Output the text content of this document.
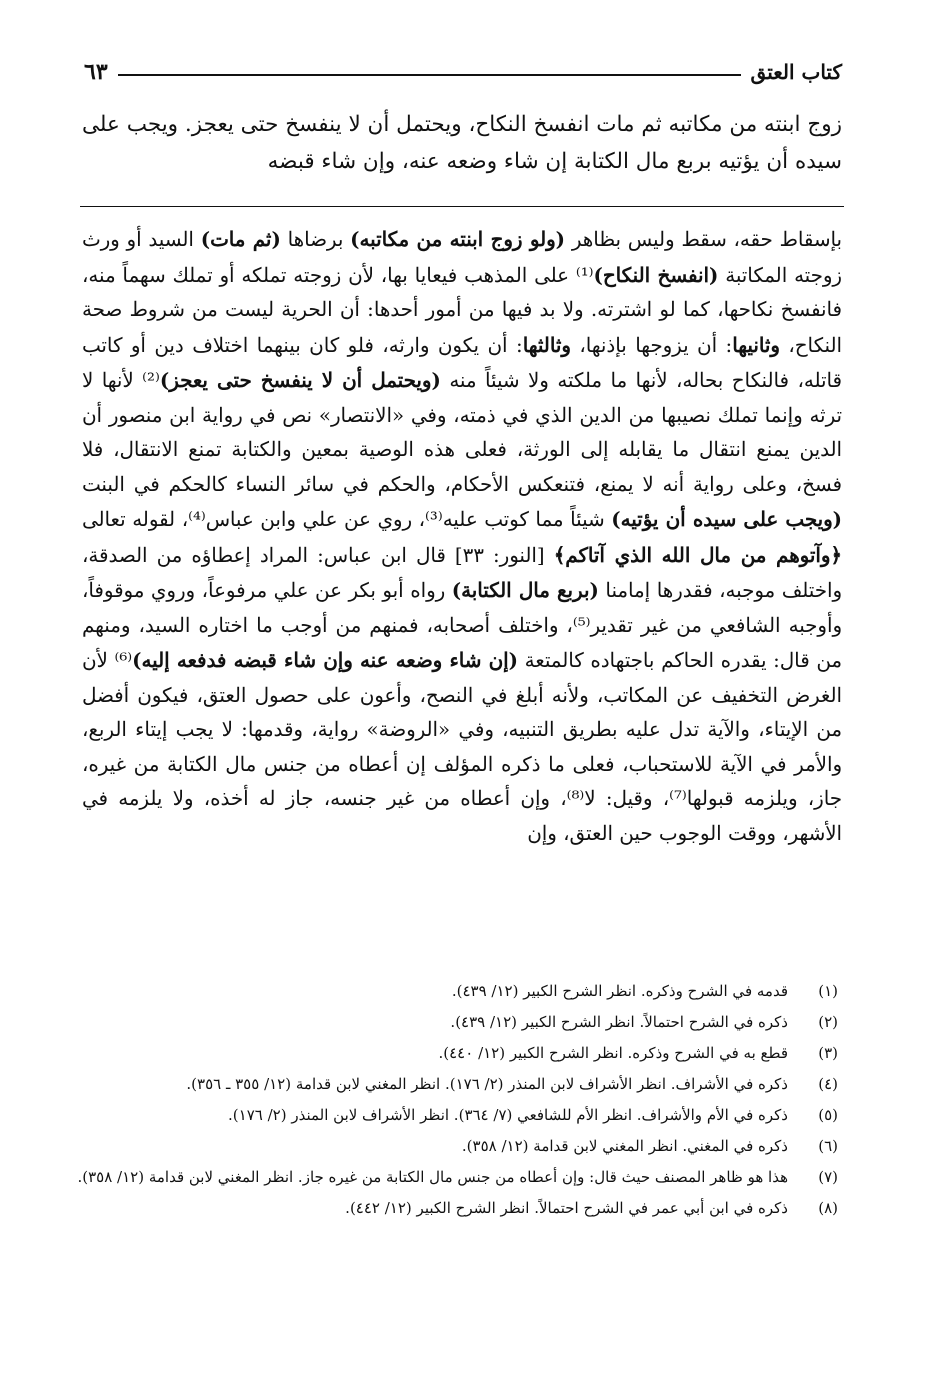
كتاب العتق
٦٣
زوج ابنته من مكاتبه ثم مات انفسخ النكاح، ويحتمل أن لا ينفسخ حتى يعجز. ويجب على سيده أن يؤتيه بربع مال الكتابة إن شاء وضعه عنه، وإن شاء قبضه
بإسقاط حقه، سقط وليس بظاهر (ولو زوج ابنته من مكاتبه) برضاها (ثم مات) السيد أو ورث زوجته المكاتبة (انفسخ النكاح)⁽¹⁾ على المذهب فيعايا بها، لأن زوجته تملكه أو تملك سهماً منه، فانفسخ نكاحها، كما لو اشترته. ولا بد فيها من أمور أحدها: أن الحرية ليست من شروط صحة النكاح، وثانيها: أن يزوجها بإذنها، وثالثها: أن يكون وارثه، فلو كان بينهما اختلاف دين أو كاتب قاتله، فالنكاح بحاله، لأنها ما ملكته ولا شيئاً منه (ويحتمل أن لا ينفسخ حتى يعجز)⁽²⁾ لأنها لا ترثه وإنما تملك نصيبها من الدين الذي في ذمته، وفي «الانتصار» نص في رواية ابن منصور أن الدين يمنع انتقال ما يقابله إلى الورثة، فعلى هذه الوصية بمعين والكتابة تمنع الانتقال، فلا فسخ، وعلى رواية أنه لا يمنع، فتنعكس الأحكام، والحكم في سائر النساء كالحكم في البنت (ويجب على سيده أن يؤتيه) شيئاً مما كوتب عليه⁽³⁾، روي عن علي وابن عباس⁽⁴⁾، لقوله تعالى ﴿وآتوهم من مال الله الذي آتاكم﴾ [النور: ٣٣] قال ابن عباس: المراد إعطاؤه من الصدقة، واختلف موجبه، فقدرها إمامنا (بربع مال الكتابة) رواه أبو بكر عن علي مرفوعاً، وروي موقوفاً، وأوجبه الشافعي من غير تقدير⁽⁵⁾، واختلف أصحابه، فمنهم من أوجب ما اختاره السيد، ومنهم من قال: يقدره الحاكم باجتهاده كالمتعة (إن شاء وضعه عنه وإن شاء قبضه فدفعه إليه)⁽⁶⁾ لأن الغرض التخفيف عن المكاتب، ولأنه أبلغ في النصح، وأعون على حصول العتق، فيكون أفضل من الإيتاء، والآية تدل عليه بطريق التنبيه، وفي «الروضة» رواية، وقدمها: لا يجب إيتاء الربع، والأمر في الآية للاستحباب، فعلى ما ذكره المؤلف إن أعطاه من جنس مال الكتابة من غيره، جاز، ويلزمه قبولها⁽⁷⁾، وقيل: لا⁽⁸⁾، وإن أعطاه من غير جنسه، جاز له أخذه، ولا يلزمه في الأشهر، ووقت الوجوب حين العتق، وإن
(١)
قدمه في الشرح وذكره. انظر الشرح الكبير (١٢/ ٤٣٩).
(٢)
ذكره في الشرح احتمالاً. انظر الشرح الكبير (١٢/ ٤٣٩).
(٣)
قطع به في الشرح وذكره. انظر الشرح الكبير (١٢/ ٤٤٠).
(٤)
ذكره في الأشراف. انظر الأشراف لابن المنذر (٢/ ١٧٦). انظر المغني لابن قدامة (١٢/ ٣٥٥ ـ ٣٥٦).
(٥)
ذكره في الأم والأشراف. انظر الأم للشافعي (٧/ ٣٦٤). انظر الأشراف لابن المنذر (٢/ ١٧٦).
(٦)
ذكره في المغني. انظر المغني لابن قدامة (١٢/ ٣٥٨).
(٧)
هذا هو ظاهر المصنف حيث قال: وإن أعطاه من جنس مال الكتابة من غيره جاز. انظر المغني لابن قدامة (١٢/ ٣٥٨).
(٨)
ذكره في ابن أبي عمر في الشرح احتمالاً. انظر الشرح الكبير (١٢/ ٤٤٢).
